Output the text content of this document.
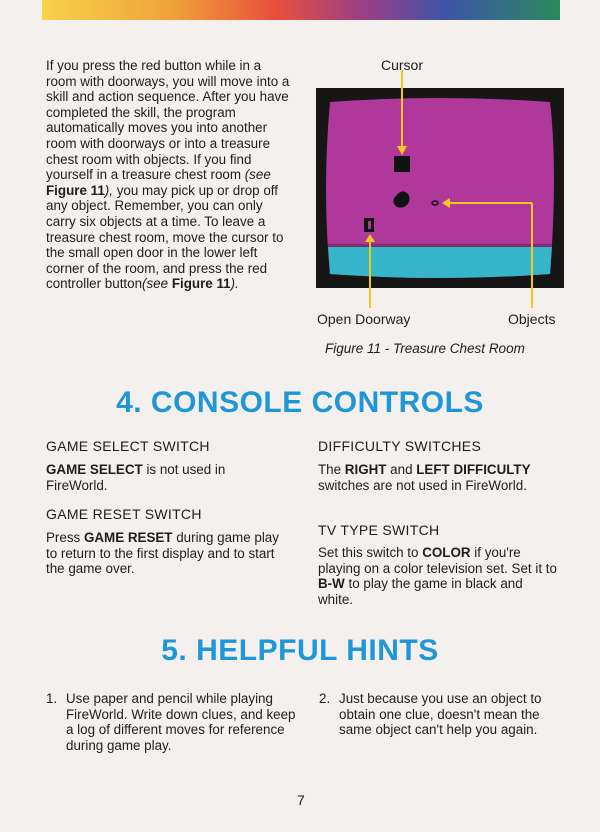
If you press the red button while in a room with doorways, you will move into a skill and action sequence. After you have completed the skill, the program automatically moves you into another room with doorways or into a treasure chest room with objects. If you find yourself in a treasure chest room (see Figure 11), you may pick up or drop off any object. Remember, you can only carry six objects at a time. To leave a treasure chest room, move the cursor to the small open door in the lower left corner of the room, and press the red controller button(see Figure 11).

Cursor
Open Doorway	Objects
Figure 11 - Treasure Chest Room
4. CONSOLE CONTROLS

GAME SELECT SWITCH

GAME SELECT is not used in FireWorld.

GAME RESET SWITCH

Press GAME RESET during game play to return to the first display and to start the game over.

DIFFICULTY SWITCHES

The RIGHT and LEFT DIFFICULTY switches are not used in FireWorld.

TV TYPE SWITCH

Set this switch to COLOR if you're playing on a color television set. Set it to B-W to play the game in black and white.

5. HELPFUL HINTS
1. Use paper and pencil while playing FireWorld. Write down clues, and keep a log of different moves for reference during game play.
2. Just because you use an object to obtain one clue, doesn't mean the same object can't help you again.
7
